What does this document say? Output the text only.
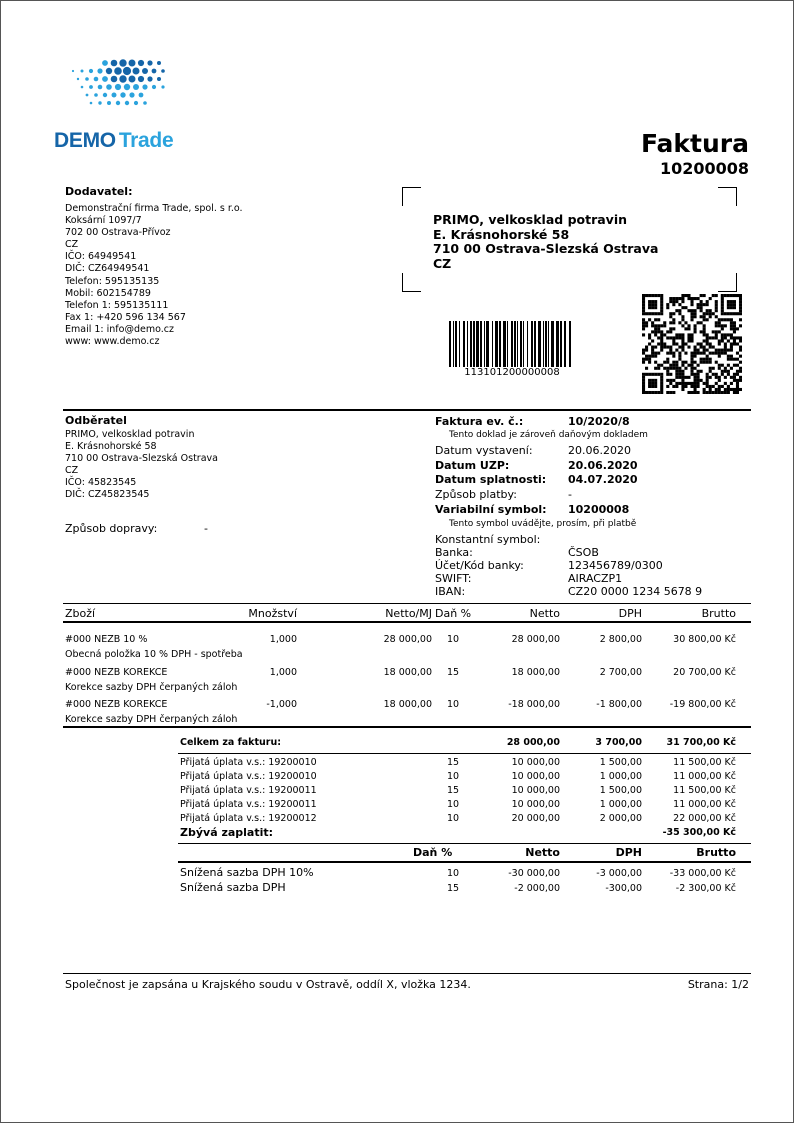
DEMO Trade	Faktura
10200008
Dodavatel:
Demonstrační firma Trade, spol. s r.o.
Koksární 1097/7
702 00 Ostrava-Přívoz
CZ
IČO: 64949541
DIČ: CZ64949541
Telefon: 595135135
Mobil: 602154789
Telefon 1: 595135111
Fax 1: +420 596 134 567
Email 1: info@demo.cz
www: www.demo.cz
PRIMO, velkosklad potravin
E. Krásnohorské 58
710 00 Ostrava-Slezská Ostrava
CZ
113101200000008
Odběratel
PRIMO, velkosklad potravin
E. Krásnohorské 58
710 00 Ostrava-Slezská Ostrava
CZ
IČO: 45823545
DIČ: CZ45823545
Způsob dopravy:	-
Faktura ev. č.:	10/2020/8
Tento doklad je zároveň daňovým dokladem
Datum vystavení:	20.06.2020
Datum UZP:	20.06.2020
Datum splatnosti: 04.07.2020
Způsob platby:	-
Variabilní symbol: 10200008
Tento symbol uvádějte, prosím, při platbě
Konstantní symbol:
Banka:	ČSOB
Účet/Kód banky:	123456789/0300
SWIFT:	AIRACZP1
IBAN:	CZ20 0000 1234 5678 9
Zboží	Množství	Netto/MJ Daň %	Netto	DPH	Brutto
#000 NEZB 10 %	1,000	28 000,00 10	28 000,00	2 800,00	30 800,00 Kč
Obecná položka 10 % DPH - spotřeba
#000 NEZB KOREKCE	1,000	18 000,00 15	18 000,00	2 700,00	20 700,00 Kč
Korekce sazby DPH čerpaných záloh
#000 NEZB KOREKCE	-1,000	18 000,00 10	-18 000,00	-1 800,00	-19 800,00 Kč
Korekce sazby DPH čerpaných záloh
Celkem za fakturu:	28 000,00	3 700,00	31 700,00 Kč
Přijatá úplata v.s.: 19200010	15	10 000,00	1 500,00	11 500,00 Kč
Přijatá úplata v.s.: 19200010	10	10 000,00	1 000,00	11 000,00 Kč
Přijatá úplata v.s.: 19200011	15	10 000,00	1 500,00	11 500,00 Kč
Přijatá úplata v.s.: 19200011	10	10 000,00	1 000,00	11 000,00 Kč
Přijatá úplata v.s.: 19200012	10	20 000,00	2 000,00	22 000,00 Kč
Zbývá zaplatit:	-35 300,00 Kč
Daň %	Netto	DPH	Brutto
Snížená sazba DPH 10%	10	-30 000,00	-3 000,00	-33 000,00 Kč
Snížená sazba DPH	15	-2 000,00	-300,00	-2 300,00 Kč
Společnost je zapsána u Krajského soudu v Ostravě, oddíl X, vložka 1234.	Strana: 1/2
